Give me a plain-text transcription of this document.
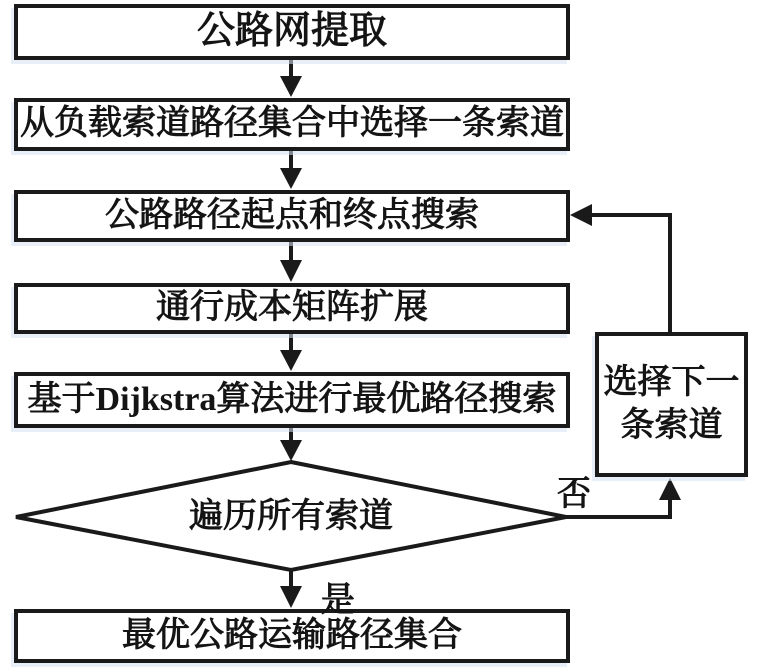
公路网提取
从负载索道路径集合中选择一条索道
公路路径起点和终点搜索
通行成本矩阵扩展
基于Dijkstra算法进行最优路径搜索
遍历所有索道
最优公路运输路径集合
选择下一
条索道
否
是
